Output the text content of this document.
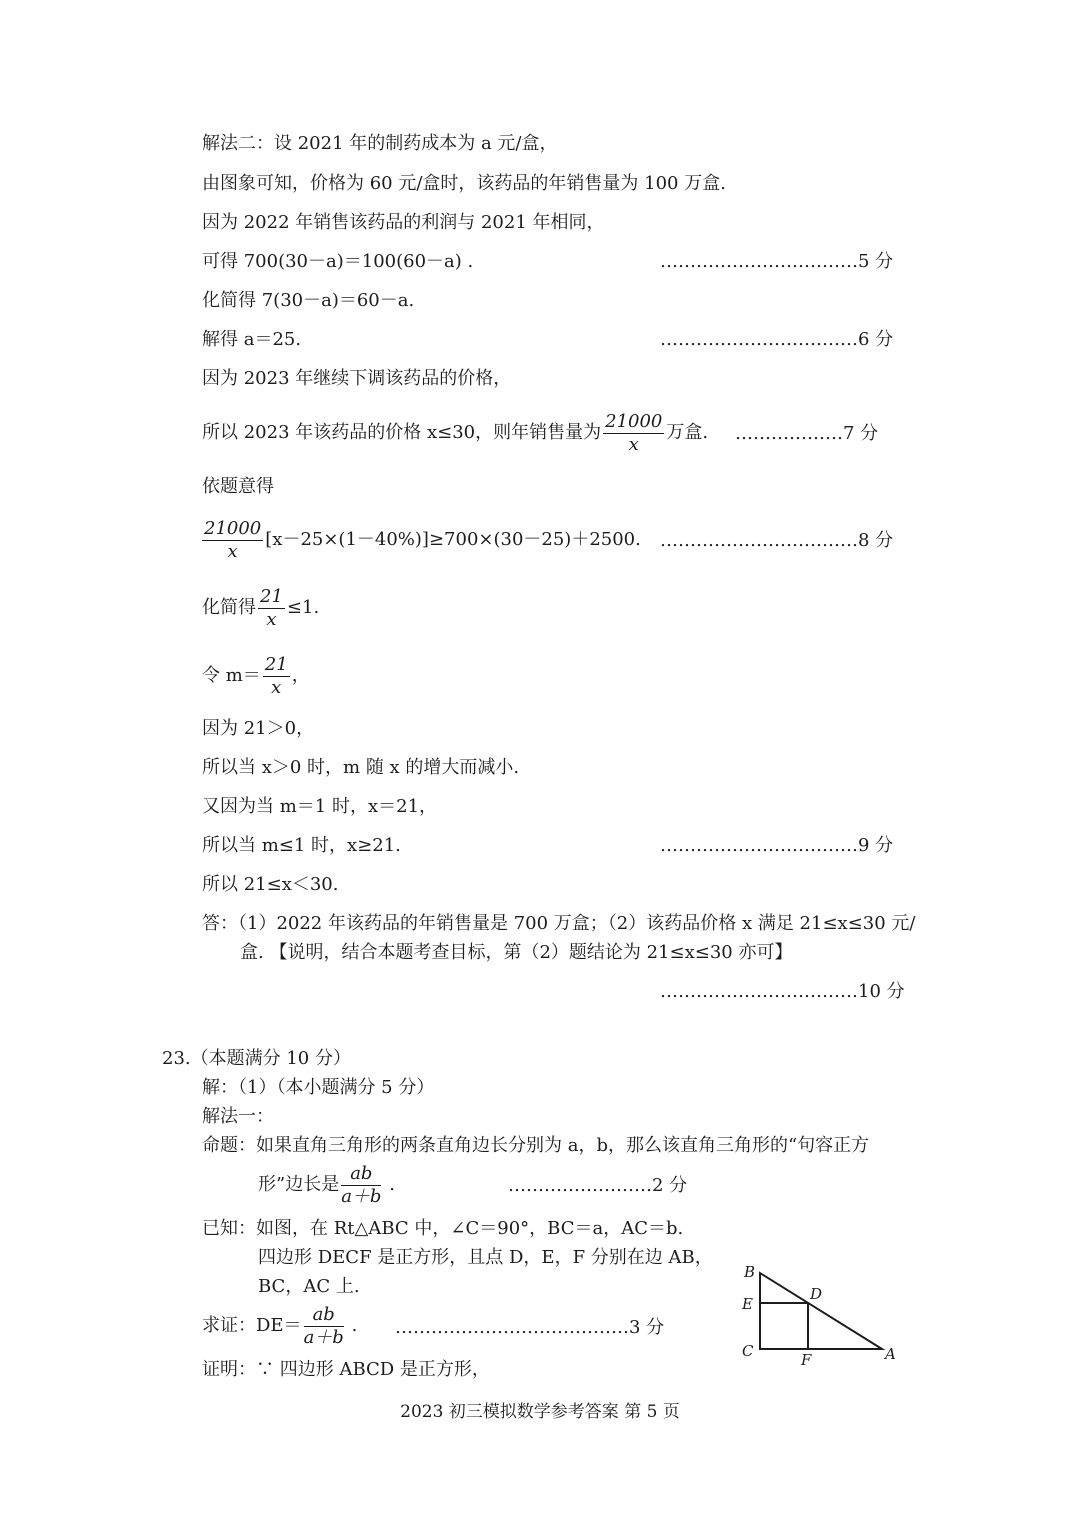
解法二：设 2021 年的制药成本为 a 元/盒，
由图象可知，价格为 60 元/盒时，该药品的年销售量为 100 万盒.
因为 2022 年销售该药品的利润与 2021 年相同，
可得 700(30－a)＝100(60－a) .	……………………………5 分
化简得 7(30－a)＝60－a.
解得 a＝25.	……………………………6 分
因为 2023 年继续下调该药品的价格，
所以 2023 年该药品的价格 x≤30，则年销售量为 $\frac{21000}{x}$ 万盒. ………………7 分
依题意得
$\frac{21000}{x} [x-25\times(1-40\%)]\ge 700\times(30-25)+2500$. ……………………………8 分
化简得 $\frac{21}{x} \le 1$.
令 $m= \frac{21}{x}$ ，
因为 21＞0，
所以当 x＞0 时，m 随 x 的增大而减小.
又因为当 m＝1 时，x＝21，
所以当 m≤1 时，x≥21.	……………………………9 分
所以 21≤x＜30.
答：（1）2022 年该药品的年销售量是 700 万盒；（2）该药品价格 x 满足 21≤x≤30 元/
盒. 【说明，结合本题考查目标，第（2）题结论为 21≤x≤30 亦可】
……………………………10 分
23.（本题满分 10 分）
解：（1）（本小题满分 5 分）
解法一：
命题：如果直角三角形的两条直角边长分别为 a，b，那么该直角三角形的“句容正方
形”边长是 $\frac{ab}{a+b}$ .	……………………2 分
已知：如图，在 Rt△ABC 中，∠C＝90°，BC＝a，AC＝b.
四边形 DECF 是正方形，且点 D，E，F 分别在边 AB，
BC，AC 上.
求证：$DE= \frac{ab}{a+b}$ . …………………………………3 分
证明：∵ 四边形 ABCD 是正方形，
B
E
D
C	F	A
2023 初三模拟数学参考答案 第 5 页
